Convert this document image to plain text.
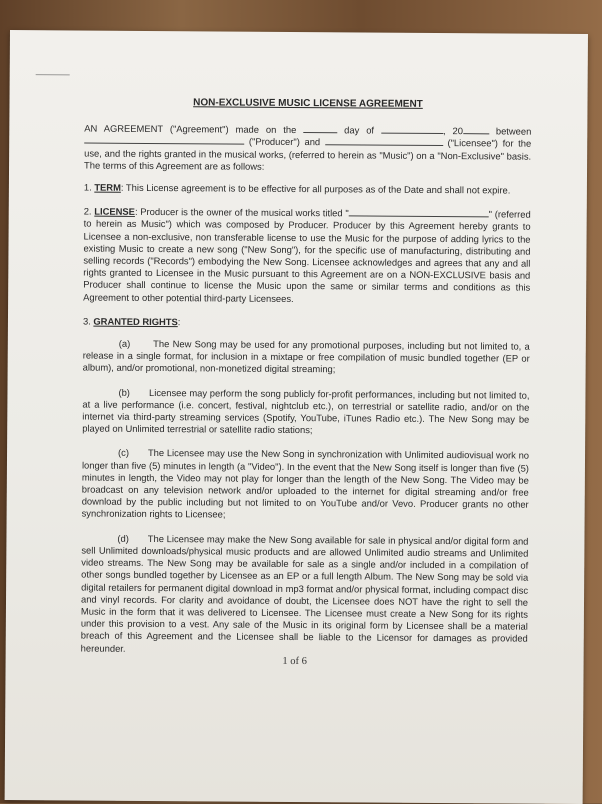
NON-EXCLUSIVE MUSIC LICENSE AGREEMENT

AN AGREEMENT ("Agreement") made on the	day of	, 20	between  ("Producer") and	("Licensee") for the use, and the rights granted in the musical works, (referred to herein as "Music") on a "Non-Exclusive" basis. The terms of this Agreement are as follows:

1. TERM: This License agreement is to be effective for all purposes as of the Date and shall not expire.

2. LICENSE: Producer is the owner of the musical works titled "	" (referred to herein as Music") which was composed by Producer. Producer by this Agreement hereby grants to Licensee a non-exclusive, non transferable license to use the Music for the purpose of adding lyrics to the existing Music to create a new song ("New Song"), for the specific use of manufacturing, distributing and selling records ("Records") embodying the New Song. Licensee acknowledges and agrees that any and all rights granted to Licensee in the Music pursuant to this Agreement are on a NON-EXCLUSIVE basis and Producer shall continue to license the Music upon the same or similar terms and conditions as this Agreement to other potential third-party Licensees.

3. GRANTED RIGHTS:

(a) The New Song may be used for any promotional purposes, including but not limited to, a release in a single format, for inclusion in a mixtape or free compilation of music bundled together (EP or album), and/or promotional, non-monetized digital streaming;

(b) Licensee may perform the song publicly for-profit performances, including but not limited to, at a live performance (i.e. concert, festival, nightclub etc.), on terrestrial or satellite radio, and/or on the internet via third-party streaming services (Spotify, YouTube, iTunes Radio etc.). The New Song may be played on Unlimited terrestrial or satellite radio stations;

(c) The Licensee may use the New Song in synchronization with Unlimited audiovisual work no longer than five (5) minutes in length (a "Video"). In the event that the New Song itself is longer than five (5) minutes in length, the Video may not play for longer than the length of the New Song. The Video may be broadcast on any television network and/or uploaded to the internet for digital streaming and/or free download by the public including but not limited to on YouTube and/or Vevo. Producer grants no other synchronization rights to Licensee;

(d) The Licensee may make the New Song available for sale in physical and/or digital form and sell Unlimited downloads/physical music products and are allowed Unlimited audio streams and Unlimited video streams. The New Song may be available for sale as a single and/or included in a compilation of other songs bundled together by Licensee as an EP or a full length Album. The New Song may be sold via digital retailers for permanent digital download in mp3 format and/or physical format, including compact disc and vinyl records. For clarity and avoidance of doubt, the Licensee does NOT have the right to sell the Music in the form that it was delivered to Licensee. The Licensee must create a New Song for its rights under this provision to a vest. Any sale of the Music in its original form by Licensee shall be a material breach of this Agreement and the Licensee shall be liable to the Licensor for damages as provided hereunder.

1 of 6
